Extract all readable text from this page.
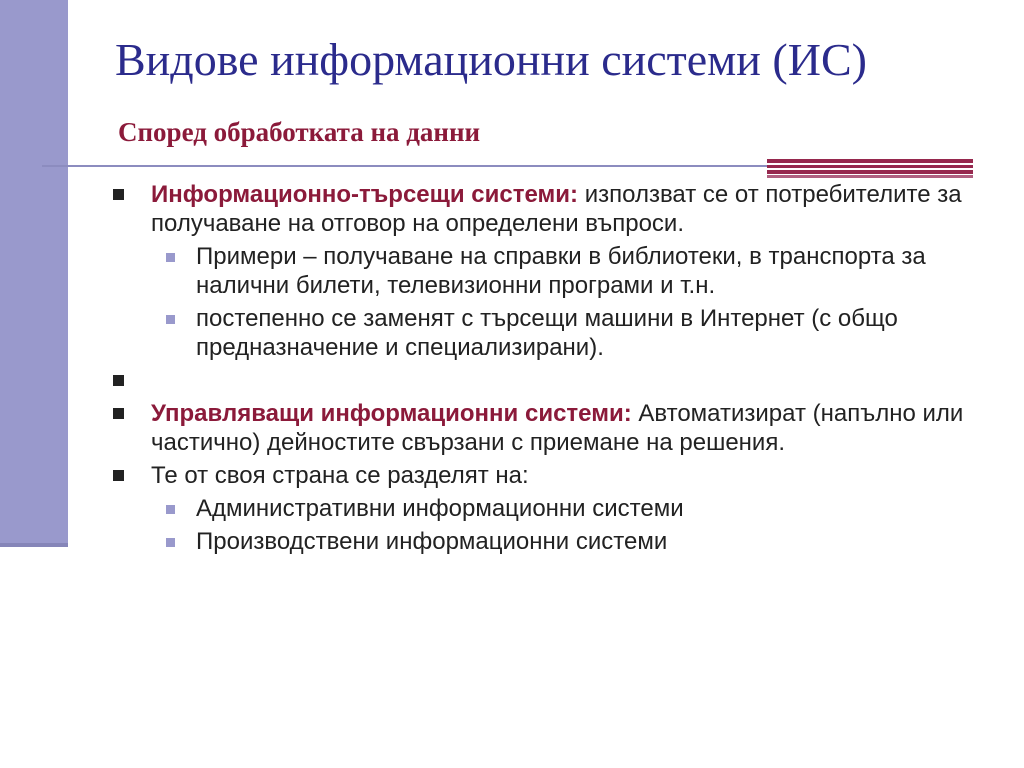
Видове информационни системи (ИС)
Според обработката на данни
Информационно-търсещи системи: използват се от потребителите за получаване на отговор на определени въпроси.
Примери – получаване на справки в библиотеки, в транспорта за налични билети, телевизионни програми и т.н.
постепенно се заменят с търсещи машини в Интернет (с общо предназначение и специализирани).
Управляващи информационни системи: Автоматизират (напълно или частично) дейностите свързани с приемане на решения.
Те от своя страна се разделят на:
Административни информационни системи
Производствени информационни системи
